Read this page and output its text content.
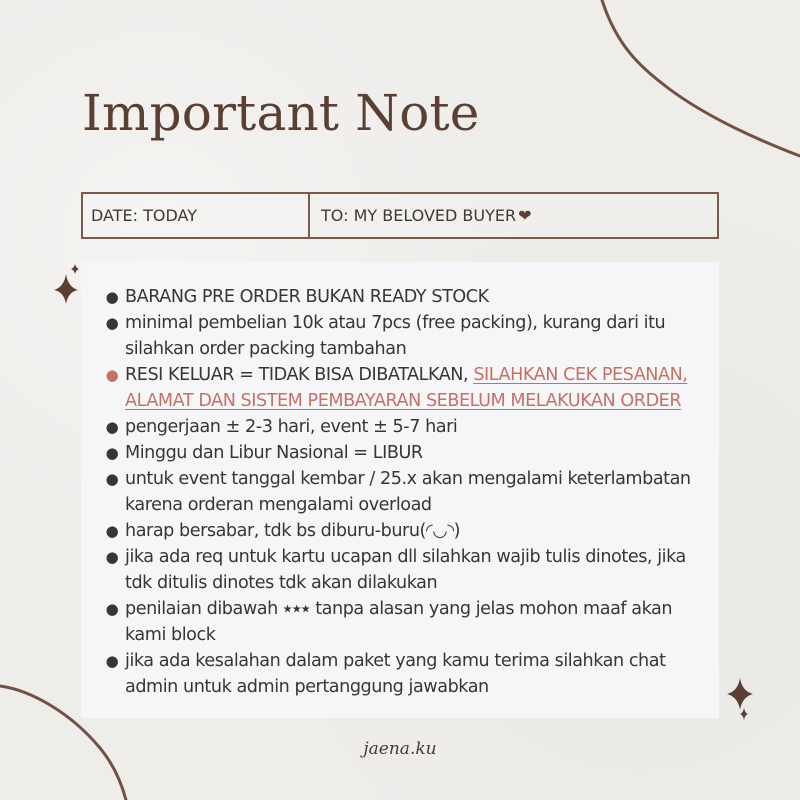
Important Note
DATE: TODAY	TO: MY BELOVED BUYER ❤
● BARANG PRE ORDER BUKAN READY STOCK
● minimal pembelian 10k atau 7pcs (free packing), kurang dari itu silahkan order packing tambahan
● RESI KELUAR = TIDAK BISA DIBATALKAN, SILAHKAN CEK PESANAN, ALAMAT DAN SISTEM PEMBAYARAN SEBELUM MELAKUKAN ORDER
● pengerjaan ± 2-3 hari, event ± 5-7 hari
● Minggu dan Libur Nasional = LIBUR
● untuk event tanggal kembar / 25.x akan mengalami keterlambatan karena orderan mengalami overload
● harap bersabar, tdk bs diburu-buru(◜◡◝)
● jika ada req untuk kartu ucapan dll silahkan wajib tulis dinotes, jika tdk ditulis dinotes tdk akan dilakukan
● penilaian dibawah ⭑⭑⭑ tanpa alasan yang jelas mohon maaf akan kami block
● jika ada kesalahan dalam paket yang kamu terima silahkan chat admin untuk admin pertanggung jawabkan
jaena.ku
